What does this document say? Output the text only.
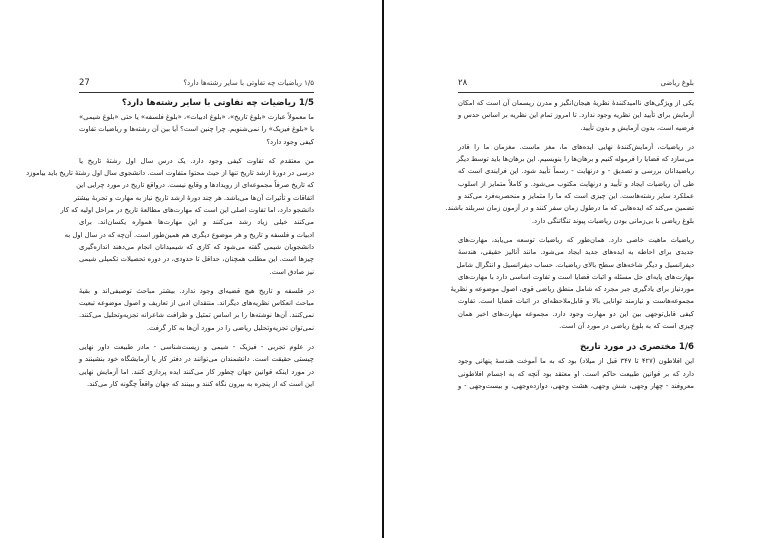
۱/۵ ریاضیات چه تفاوتی با سایر رشته‌ها دارد؟
27
1/5 ریاضیات چه تفاوتی با سایر رشته‌ها دارد؟
ما معمولاً عبارت «بلوغ تاریخ»، «بلوغ ادبیات»، «بلوغ فلسفه» یا حتی «بلوغ شیمی»
یا «بلوغ فیزیک» را نمی‌شنویم. چرا چنین است؟ آیا بین آن رشته‌ها و ریاضیات تفاوت
کیفی وجود دارد؟
من معتقدم که تفاوت کیفی وجود دارد. یک درس سال اول رشتهٔ تاریخ یا
درسی در دورهٔ ارشد تاریخ تنها از حیث محتوا متفاوت است. دانشجوی سال اول رشتهٔ تاریخ باید بیاموزد
که تاریخ صرفاً مجموعه‌ای از رویدادها و وقایع نیست. درواقع تاریخ در مورد چرایی این
اتفاقات و تأثیرات آن‌ها می‌باشد. هر چند دورهٔ ارشد تاریخ نیاز به مهارت و تجربهٔ بیشتر
دانشجو دارد، اما تفاوت اصلی این است که مهارت‌های مطالعهٔ تاریخ در مراحل اولیه که کار
می‌کنند خیلی زیاد رشد می‌کنند و این مهارت‌ها همواره یکسان‌اند. برای
ادبیات و فلسفه و تاریخ و هر موضوع دیگری هم همین‌طور است. آن‌چه که در سال اول به
دانشجویان شیمی گفته می‌شود که کاری که شیمیدانان انجام می‌دهند اندازه‌گیری
چیزها است. این مطلب همچنان، حداقل تا حدودی، در دوره تحصیلات تکمیلی شیمی
نیز صادق است.
در فلسفه و تاریخ هیچ قضیه‌ای وجود ندارد. بیشتر مباحث توصیفی‌اند و بقیهٔ
مباحث انعکاس نظریه‌های دیگراند. منتقدان ادبی از تعاریف و اصول موضوعه تبعیت
نمی‌کنند. آن‌ها نوشته‌ها را بر اساس تمثیل و ظرافت شاعرانه تجزیه‌وتحلیل می‌کنند.
نمی‌توان تجزیه‌وتحلیل ریاضی را در مورد آن‌ها به کار گرفت.
در علوم تجربی - فیزیک - شیمی و زیست‌شناسی - مادر طبیعت داور نهایی
چیستی حقیقت است. دانشمندان می‌توانند در دفتر کار یا آزمایشگاه خود بنشینند و
در مورد اینکه قوانین جهان چطور کار می‌کنند ایده پردازی کنند. اما آزمایش نهایی
این است که از پنجره به بیرون نگاه کنند و ببینند که جهان واقعاً چگونه کار می‌کند.
بلوغ ریاضی
۲۸
یکی از ویژگی‌های ناامیدکنندهٔ نظریهٔ هیجان‌انگیز و مدرن ریسمان آن است که امکان
آزمایش برای تأیید این نظریه وجود ندارد. تا امروز تمام این نظریه بر اساس حدس و
فرضیه است، بدون آزمایش و بدون تأیید.
در ریاضیات، آزمایش‌کنندهٔ نهایی ایده‌های ما، مغز ماست. مغزمان ما را قادر
می‌سازد که قضایا را فرموله کنیم و برهان‌ها را بنویسیم. این برهان‌ها باید توسط دیگر
ریاضیدانان بررسی و تصدیق - و درنهایت - رسماً تأیید شود. این فرایندی است که
طی آن ریاضیات ایجاد و تأیید و درنهایت مکتوب می‌شود. و کاملاً متمایز از اسلوب
عملکرد سایر رشته‌هاست. این چیزی است که ما را متمایز و منحصربه‌فرد می‌کند و
تضمین می‌کند که ایده‌هایی که ما درطول زمان سفر کنند و در آزمون زمان سربلند باشند.
بلوغ ریاضی با بی‌زمانی بودن ریاضیات پیوند تنگاتنگی دارد.
ریاضیات ماهیت خاصی دارد. همان‌طور که ریاضیات توسعه می‌یابد، مهارت‌های
جدیدی برای احاطه به ایده‌های جدید ایجاد می‌شود. مانند آنالیز حقیقی، هندسهٔ
دیفرانسیل و دیگر شاخه‌های سطح بالای ریاضیات. حساب دیفرانسیل و انتگرال شامل
مهارت‌های پایه‌ای حل مسئله و اثبات قضایا است و تفاوت اساسی دارد با مهارت‌های
موردنیاز برای یادگیری جبر مجرد که شامل منطق ریاضی قوی، اصول موضوعه و نظریهٔ
مجموعه‌هاست و نیازمند توانایی بالا و قابل‌ملاحظه‌ای در اثبات قضایا است. تفاوت
کیفی قابل‌توجهی بین این دو مهارت وجود دارد. مجموعه مهارت‌های اخیر همان
چیزی است که به بلوغ ریاضی در مورد آن است.
1/6 مختصری در مورد تاریخ
این افلاطون (۴۲۷ تا ۳۴۷ قبل از میلاد) بود که به ما آموخت هندسهٔ پنهانی وجود
دارد که بر قوانین طبیعت حاکم است. او معتقد بود آنچه که به اجسام افلاطونی
معروفند - چهار وجهی، شش وجهی، هشت وجهی، دوازده‌وجهی، و بیست‌وجهی - و
